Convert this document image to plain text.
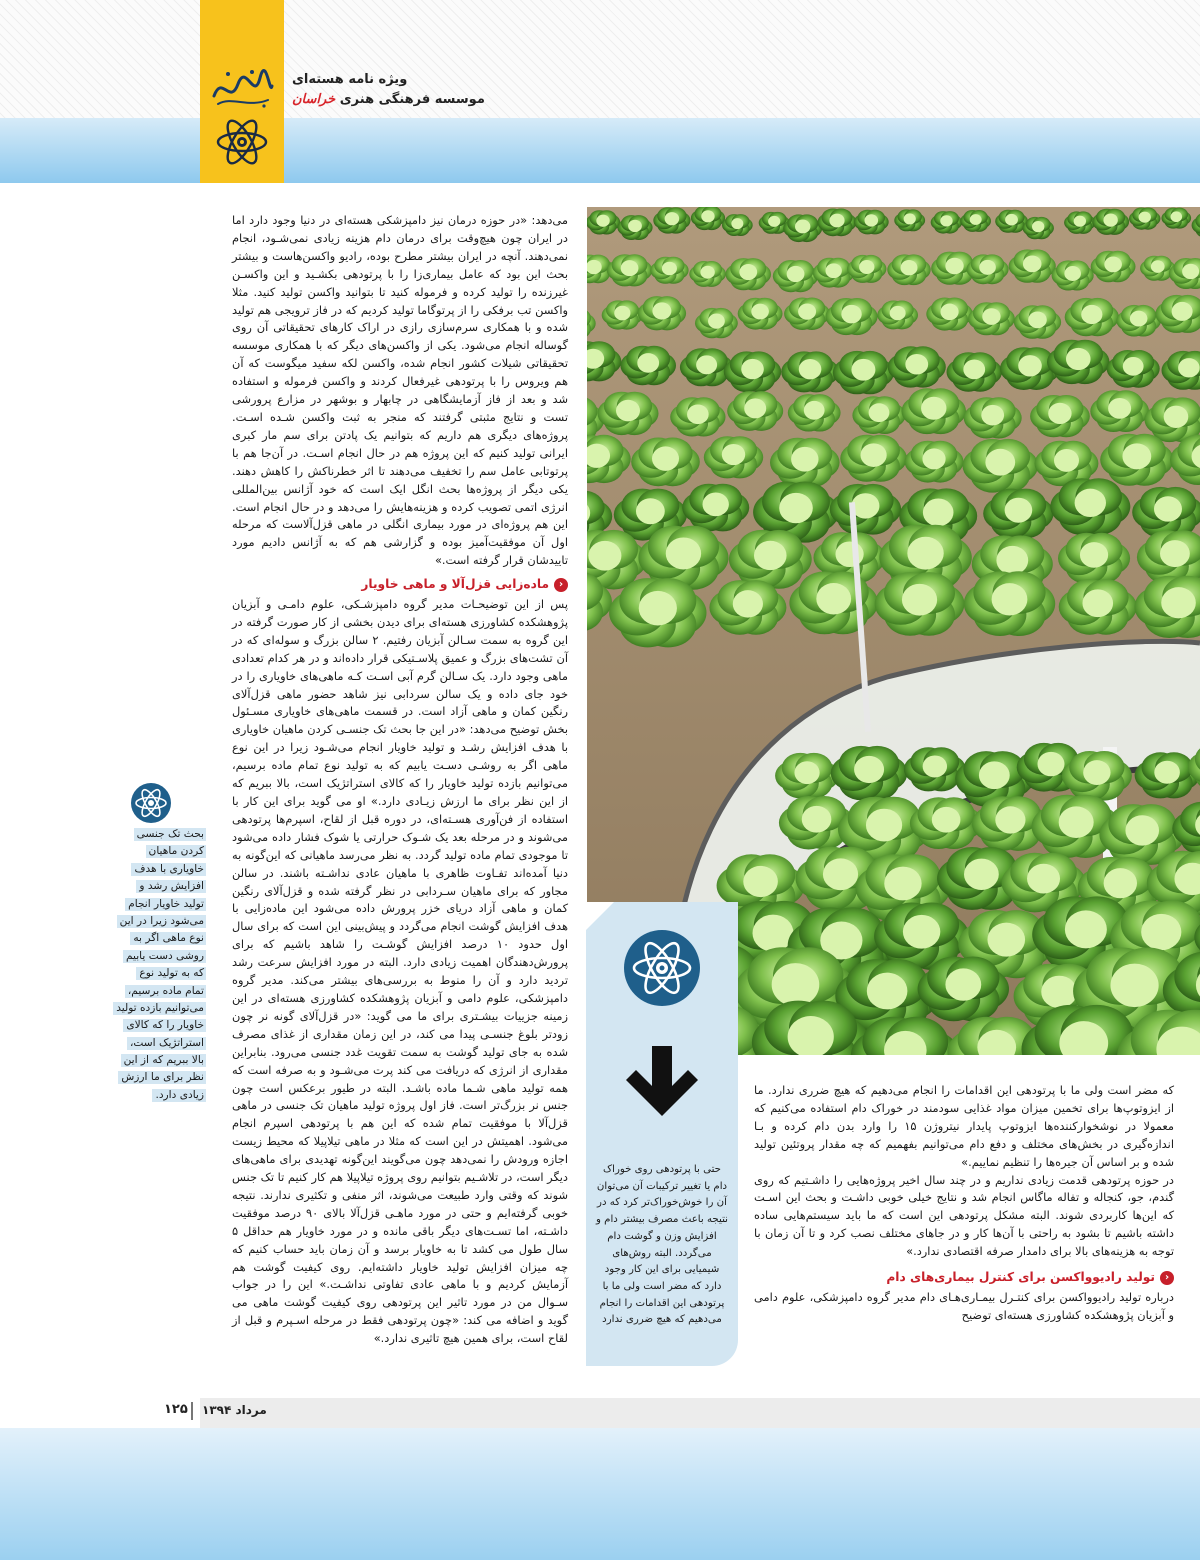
ویژه نامه هسته‌ای
موسسه فرهنگی هنری خراسان

می‌دهد: «در حوزه درمان نیز دامپزشکی هسته‌ای در دنیا وجود دارد اما در ایران چون هیچ‌وقت برای درمان دام هزینه زیادی نمی‌شـود، انجام نمی‌دهند. آنچه در ایران بیشتر مطرح بوده، رادیو واکسن‌هاست و بیشتر بحث این بود که عامل بیماری‌زا را با پرتودهی بکشـید و این واکسـن غیرزنده را تولید کرده و فرموله کنید تا بتوانید واکسن تولید کنید. مثلا واکسن تب برفکی را از پرتوگاما تولید کردیم که در فاز ترویجی هم تولید شده و با همکاری سرم‌سازی رازی در اراک کارهای تحقیقاتی آن روی گوساله انجام می‌شود. یکی از واکسن‌های دیگر که با همکاری موسسه تحقیقاتی شیلات کشور انجام شده، واکسن لکه سفید میگوست که آن هم ویروس را با پرتودهی غیرفعال کردند و واکسن فرموله و استفاده شد و بعد از فاز آزمایشگاهی در چابهار و بوشهر در مزارع پرورشی تست و نتایج مثبتی گرفتند که منجر به ثبت واکسن شـده اسـت. پروژه‌های دیگری هم داریم که بتوانیم یک پادتن برای سم مار کبری ایرانی تولید کنیم که این پروژه هم در حال انجام اسـت. در آن‌جا هم با پرتوتابی عامل سم را تخفیف می‌دهند تا اثر خطرناکش را کاهش دهند. یکی دیگر از پروژه‌ها بحث انگل ایک است که خود آژانس بین‌المللی انرژی اتمی تصویب کرده و هزینه‌هایش را می‌دهد و در حال انجام است. این هم پروژه‌ای در مورد بیماری انگلی در ماهی قزل‌آلاست که مرحله اول آن موفقیت‌آمیز بوده و گزارشی هم که به آژانس دادیم مورد تاییدشان قرار گرفته است.»

‹
ماده‌زایی قزل‌آلا و ماهی خاویار

پس از این توضیحـات مدیر گروه دامپزشـکی، علوم دامـی و آبزیان پژوهشکده کشاورزی هسته‌ای برای دیدن بخشی از کار صورت گرفته در این گروه به سمت سـالن آبزیان رفتیم. ۲ سالن بزرگ و سوله‌ای که در آن تشت‌های بزرگ و عمیق پلاسـتیکی قرار داده‌اند و در هر کدام تعدادی ماهی وجود دارد. یک سـالن گرم آبی اسـت کـه ماهی‌های خاویاری را در خود جای داده و یک سالن سردابی نیز شاهد حضور ماهی قزل‌آلای رنگین کمان و ماهی آزاد است. در قسمت ماهی‌های خاویاری مسـئول بخش توضیح می‌دهد: «در این جا بحث تک جنسـی کردن ماهیان خاویاری با هدف افزایش رشـد و تولید خاویار انجام می‌شـود زیرا در این نوع ماهی اگر به روشـی دسـت یابیم که به تولید نوع تمام ماده برسیم، می‌توانیم بازده تولید خاویار را که کالای استراتژیک است، بالا ببریم که از این نظر برای ما ارزش زیـادی دارد.» او می گوید برای این کار با استفاده از فن‌آوری هسـته‌ای، در دوره قبل از لقاح، اسپرم‌ها پرتودهی می‌شوند و در مرحله بعد یک شـوک حرارتی یا شوک فشار داده می‌شود تا موجودی تمام ماده تولید گردد. به نظر می‌رسد ماهیانی که این‌گونه به دنیا آمده‌اند تفـاوت ظاهری با ماهیان عادی نداشـته باشند. در سالن مجاور که برای ماهیان سـردابی در نظر گرفته شده و قزل‌آلای رنگین کمان و ماهی آزاد دریای خزر پرورش داده می‌شود این ماده‌زایی با هدف افزایش گوشت انجام می‌گردد و پیش‌بینی این است که برای سال اول حدود ۱۰ درصد افزایش گوشـت را شاهد باشیم که برای پرورش‌دهندگان اهمیت زیادی دارد. البته در مورد افزایش سرعت رشد تردید دارد و آن را منوط به بررسی‌های بیشتر می‌کند. مدیر گروه دامپزشکی، علوم دامی و آبزیان پژوهشکده کشاورزی هسته‌ای در این زمینه جزییات بیشـتری برای ما می گوید: «در قزل‌آلای گونه نر چون زودتر بلوغ جنسـی پیدا می کند، در این زمان مقداری از غذای مصرف شده به جای تولید گوشت به سمت تقویت غدد جنسی می‌رود. بنابراین مقداری از انرژی که دریافت می کند پرت می‌شـود و به صرفه است که همه تولید ماهی شـما ماده باشـد. البته در طیور برعکس است چون جنس نر بزرگ‌تر است. فاز اول پروژه تولید ماهیان تک جنسی در ماهی قزل‌آلا با موفقیت تمام شده که این هم با پرتودهی اسپرم انجام می‌شود. اهمیتش در این است که مثلا در ماهی تیلاپیلا که محیط زیست اجازه ورودش را نمی‌دهد چون می‌گویند این‌گونه تهدیدی برای ماهی‌های دیگر است، در تلاشـیم بتوانیم روی پروژه تیلاپیلا هم کار کنیم تا تک جنس شوند که وقتی وارد طبیعت می‌شوند، اثر منفی و تکثیری ندارند. نتیجه خوبی گرفته‌ایم و حتی در مورد ماهـی قزل‌آلا بالای ۹۰ درصد موفقیت داشـته، اما تسـت‌های دیگر باقی مانده و در مورد خاویار هم حداقل ۵ سال طول می کشد تا به خاویار برسد و آن زمان باید حساب کنیم که چه میزان افزایش تولید خاویار داشته‌ایم. روی کیفیت گوشت هم آزمایش کردیم و با ماهی عادی تفاوتی نداشـت.» این را در جواب سـوال من در مورد تاثیر این پرتودهی روی کیفیت گوشت ماهی می گوید و اضافه می کند: «چون پرتودهی فقط در مرحله اسـپرم و قبل از لقاح است، برای همین هیچ تاثیری ندارد.»

حتی با پرتودهی روی خوراک دام یا تغییر ترکیبات آن می‌توان آن را خوش‌خوراک‌تر کرد که در نتیجه باعث مصرف بیشتر دام و افزایش وزن و گوشت دام می‌گردد. البته روش‌های شیمیایی برای این کار وجود دارد که مضر است ولی ما با پرتودهی این اقدامات را انجام می‌دهیم که هیچ ضرری ندارد

که مضر است ولی ما با پرتودهی این اقدامات را انجام می‌دهیم که هیچ ضرری ندارد. ما از ایزوتوپ‌ها برای تخمین میزان مواد غذایی سودمند در خوراک دام استفاده می‌کنیم که معمولا در نوشخوارکننده‌ها ایزوتوپ پایدار نیتروژن ۱۵ را وارد بدن دام کرده و بـا اندازه‌گیری در بخش‌های مختلف و دفع دام می‌توانیم بفهمیم که چه مقدار پروتئین تولید شده و بر اساس آن جیره‌ها را تنظیم نماییم.»

در حوزه پرتودهی قدمت زیادی نداریم و در چند سال اخیر پروژه‌هایی را داشـتیم که روی گندم، جو، کنجاله و تفاله ماگاس انجام شد و نتایج خیلی خوبی داشـت و بحث این اسـت که این‌ها کاربردی شوند. البته مشکل پرتودهی این است که ما باید سیستم‌هایی ساده داشته باشیم تا بشود به راحتی با آن‌ها کار و در جاهای مختلف نصب کرد و تا آن زمان با توجه به هزینه‌های بالا برای دامدار صرفه اقتصادی ندارد.»

‹
تولید رادیوواکسن برای کنترل بیماری‌های دام

درباره تولید رادیوواکسن برای کنتـرل بیمـاری‌هـای دام مدیر گروه دامپزشکی، علوم دامی و آبزیان پژوهشکده کشاورزی هسته‌ای توضیح

بحث تک جنسی
کردن ماهیان
خاویاری با هدف
افزایش رشد و
تولید خاویار انجام
می‌شود زیرا در این
نوع ماهی اگر به
روشی دست یابیم
که به تولید نوع
تمام ماده برسیم،
می‌توانیم بازده تولید
خاویار را که کالای
استراتژیک است،
بالا ببریم که از این
نظر برای ما ارزش
زیادی دارد.
مرداد ۱۳۹۴
۱۲۵
